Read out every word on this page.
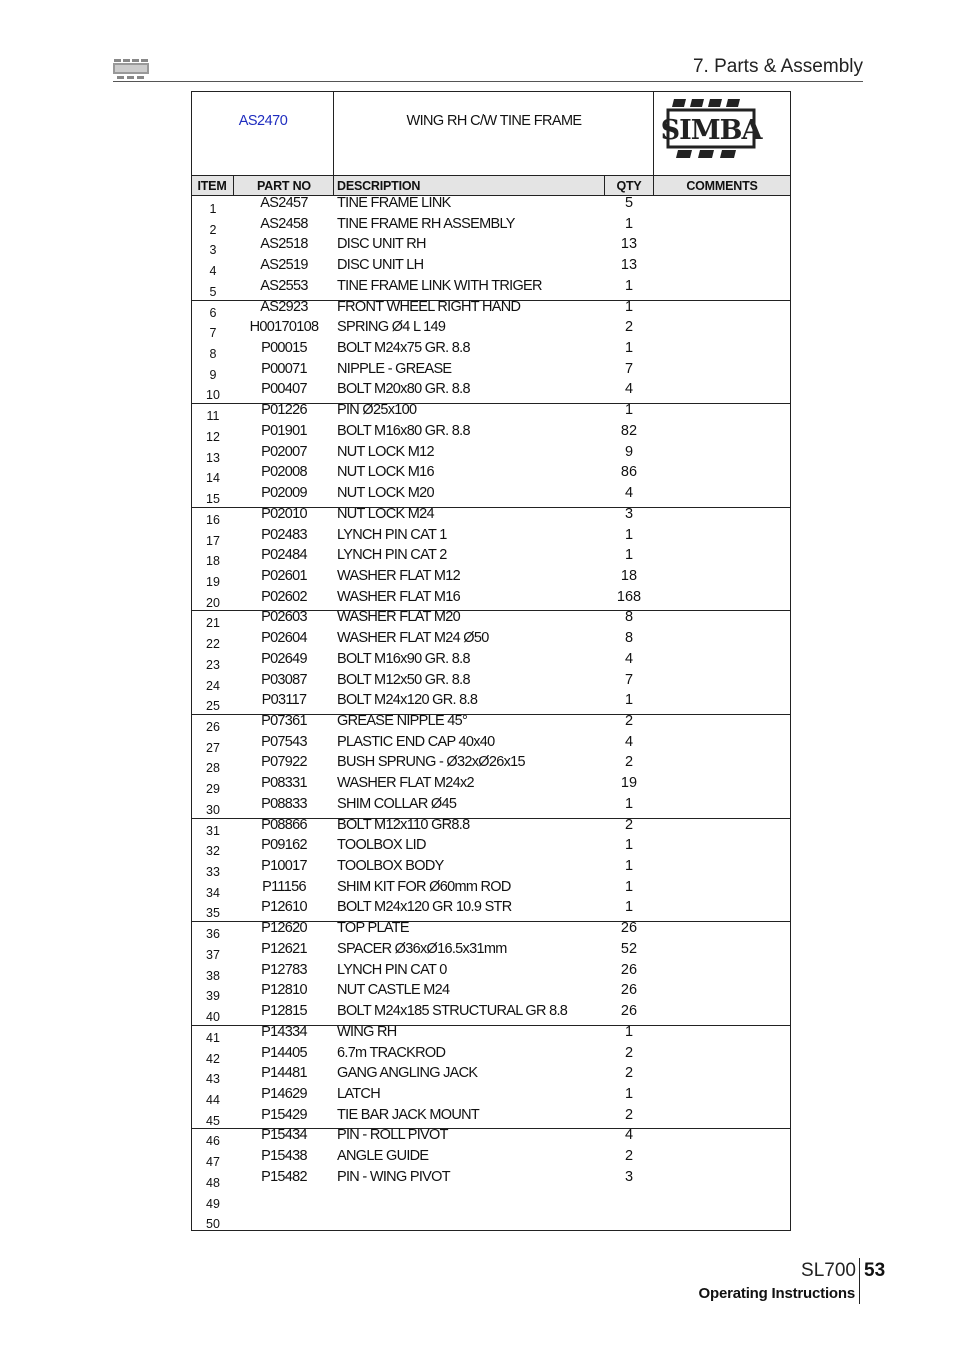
7. Parts & Assembly
AS2470	WING RH C/W TINE FRAME	SIMBA
ITEM	PART NO	DESCRIPTION	QTY	COMMENTS
1	AS2457	TINE FRAME LINK	5
2	AS2458	TINE FRAME RH ASSEMBLY	1
3	AS2518	DISC UNIT RH	13
4	AS2519	DISC UNIT LH	13
5	AS2553	TINE FRAME LINK WITH TRIGER	1
6	AS2923	FRONT WHEEL RIGHT HAND	1
7	H00170108	SPRING Ø4 L 149	2
8	P00015	BOLT M24x75 GR. 8.8	1
9	P00071	NIPPLE - GREASE	7
10	P00407	BOLT M20x80 GR. 8.8	4
11	P01226	PIN Ø25x100	1
12	P01901	BOLT M16x80 GR. 8.8	82
13	P02007	NUT LOCK M12	9
14	P02008	NUT LOCK M16	86
15	P02009	NUT LOCK M20	4
16	P02010	NUT LOCK M24	3
17	P02483	LYNCH PIN CAT 1	1
18	P02484	LYNCH PIN CAT 2	1
19	P02601	WASHER FLAT M12	18
20	P02602	WASHER FLAT M16	168
21	P02603	WASHER FLAT M20	8
22	P02604	WASHER FLAT M24 Ø50	8
23	P02649	BOLT M16x90 GR. 8.8	4
24	P03087	BOLT M12x50 GR. 8.8	7
25	P03117	BOLT M24x120 GR. 8.8	1
26	P07361	GREASE NIPPLE 45°	2
27	P07543	PLASTIC END CAP 40x40	4
28	P07922	BUSH SPRUNG - Ø32xØ26x15	2
29	P08331	WASHER FLAT M24x2	19
30	P08833	SHIM COLLAR Ø45	1
31	P08866	BOLT M12x110 GR8.8	2
32	P09162	TOOLBOX LID	1
33	P10017	TOOLBOX BODY	1
34	P11156	SHIM KIT FOR Ø60mm ROD	1
35	P12610	BOLT M24x120 GR 10.9 STR	1
36	P12620	TOP PLATE	26
37	P12621	SPACER Ø36xØ16.5x31mm	52
38	P12783	LYNCH PIN CAT 0	26
39	P12810	NUT CASTLE M24	26
40	P12815	BOLT M24x185 STRUCTURAL GR 8.8	26
41	P14334	WING RH	1
42	P14405	6.7m TRACKROD	2
43	P14481	GANG ANGLING JACK	2
44	P14629	LATCH	1
45	P15429	TIE BAR JACK MOUNT	2
46	P15434	PIN - ROLL PIVOT	4
47	P15438	ANGLE GUIDE	2
48	P15482	PIN - WING PIVOT	3
49
50
SL700 53
Operating Instructions
